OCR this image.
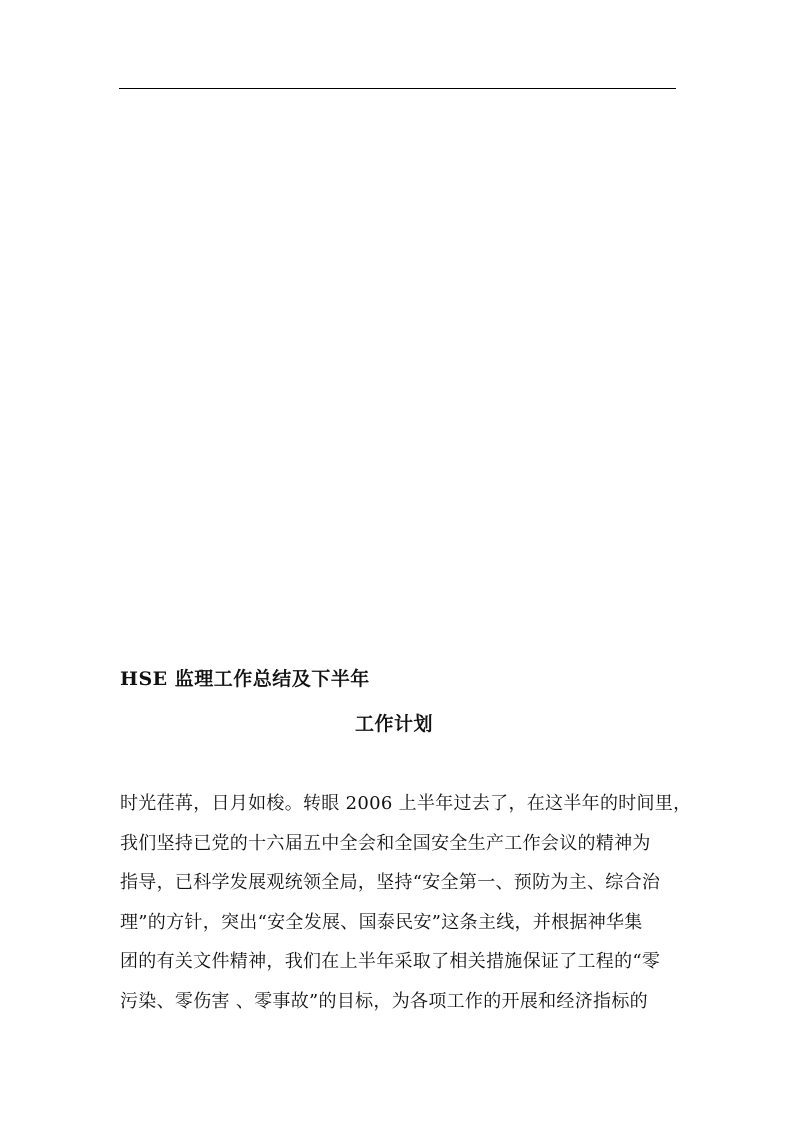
HSE 监理工作总结及下半年
工作计划
时光荏苒，日月如梭。转眼 2006 上半年过去了，在这半年的时间里，
我们坚持已党的十六届五中全会和全国安全生产工作会议的精神为
指导，已科学发展观统领全局，坚持“安全第一、预防为主、综合治
理”的方针，突出“安全发展、国泰民安”这条主线，并根据神华集
团的有关文件精神，我们在上半年采取了相关措施保证了工程的“零
污染、零伤害 、零事故”的目标，为各项工作的开展和经济指标的
